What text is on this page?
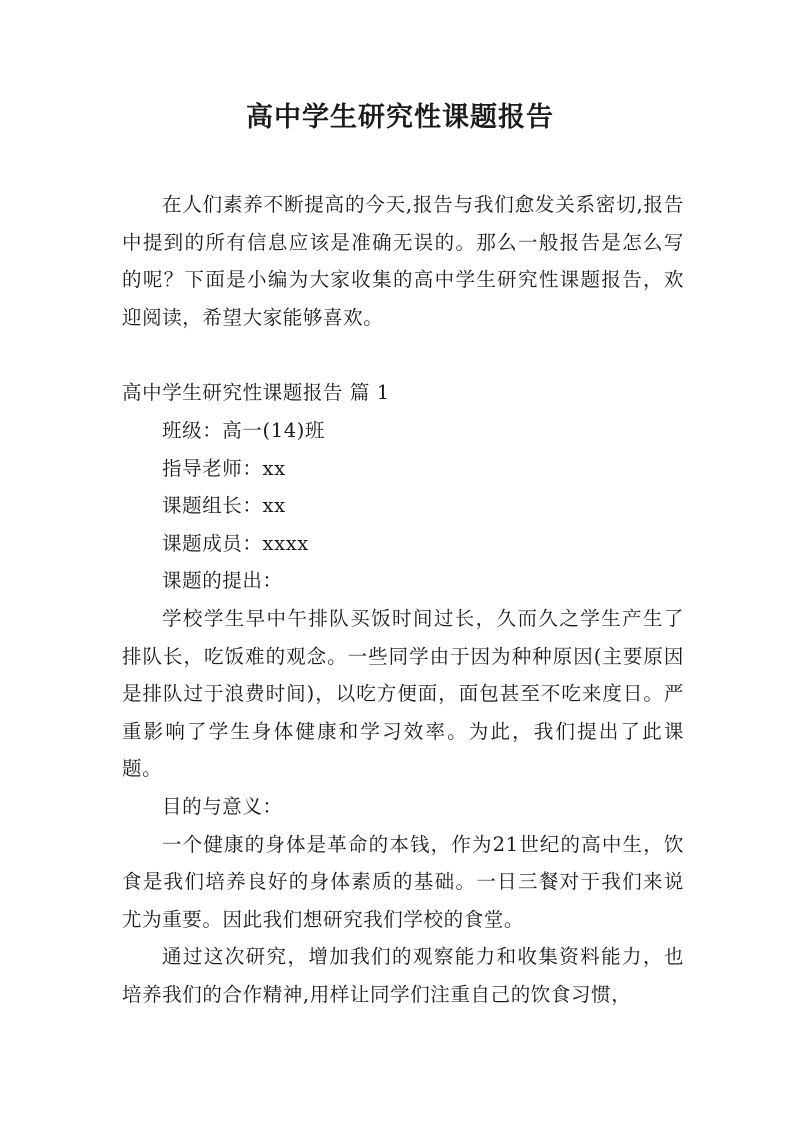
高中学生研究性课题报告

在人们素养不断提高的今天,报告与我们愈发关系密切,报告中提到的所有信息应该是准确无误的。那么一般报告是怎么写的呢？下面是小编为大家收集的高中学生研究性课题报告，欢迎阅读，希望大家能够喜欢。

高中学生研究性课题报告 篇 1

班级：高一(14)班

指导老师：xx

课题组长：xx

课题成员：xxxx

课题的提出：

学校学生早中午排队买饭时间过长，久而久之学生产生了排队长，吃饭难的观念。一些同学由于因为种种原因(主要原因是排队过于浪费时间)，以吃方便面，面包甚至不吃来度日。严重影响了学生身体健康和学习效率。为此，我们提出了此课题。

目的与意义：

一个健康的身体是革命的本钱，作为21世纪的高中生，饮食是我们培养良好的身体素质的基础。一日三餐对于我们来说尤为重要。因此我们想研究我们学校的食堂。

通过这次研究，增加我们的观察能力和收集资料能力，也培养我们的合作精神,用样让同学们注重自己的饮食习惯，
